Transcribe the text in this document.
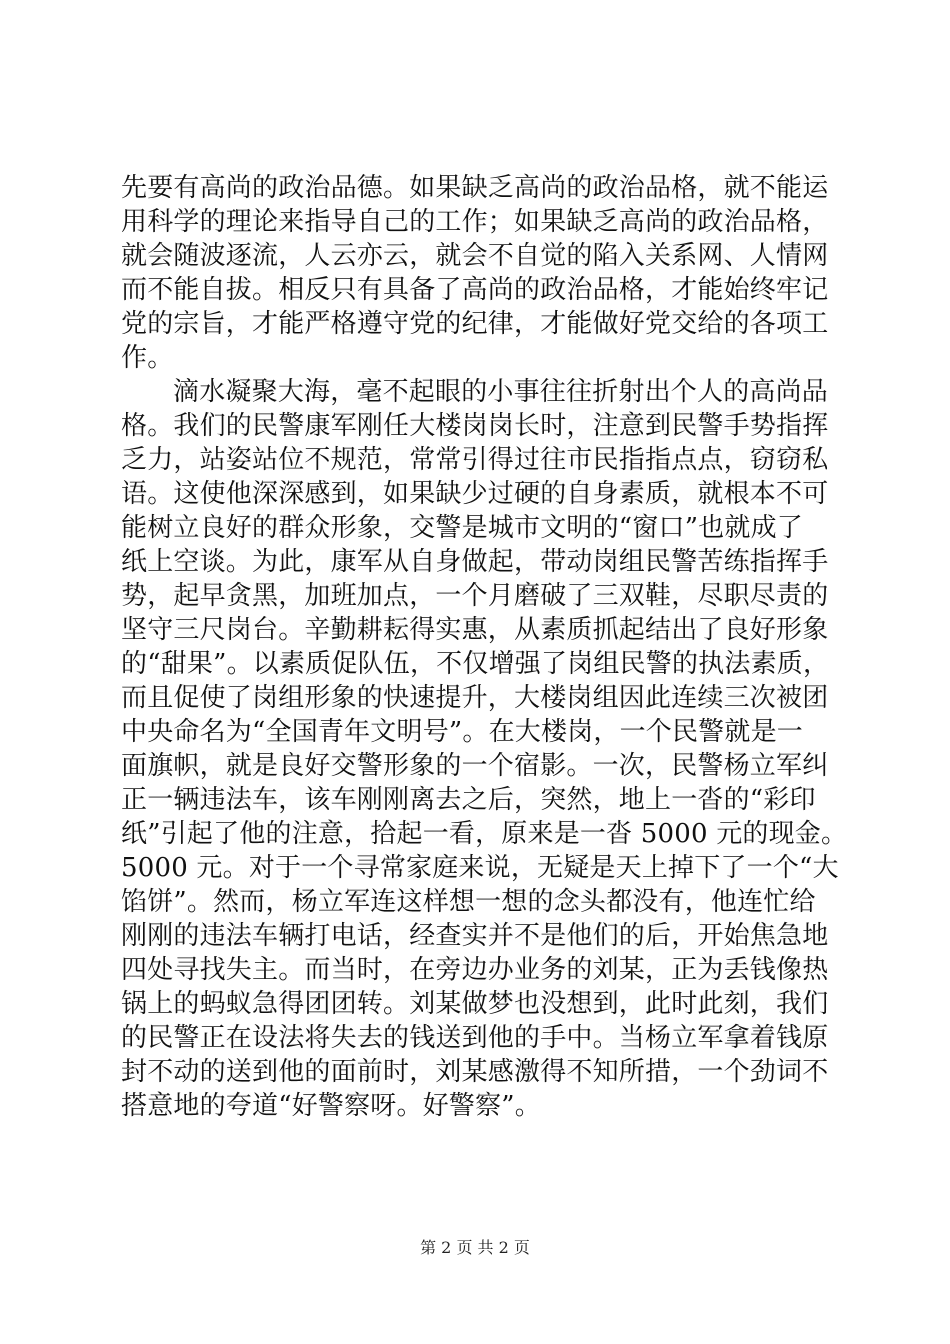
先要有高尚的政治品德。如果缺乏高尚的政治品格，就不能运
用科学的理论来指导自己的工作；如果缺乏高尚的政治品格，
就会随波逐流，人云亦云，就会不自觉的陷入关系网、人情网
而不能自拔。相反只有具备了高尚的政治品格，才能始终牢记
党的宗旨，才能严格遵守党的纪律，才能做好党交给的各项工
作。
滴水凝聚大海，毫不起眼的小事往往折射出个人的高尚品
格。我们的民警康军刚任大楼岗岗长时，注意到民警手势指挥
乏力，站姿站位不规范，常常引得过往市民指指点点，窃窃私
语。这使他深深感到，如果缺少过硬的自身素质，就根本不可
能树立良好的群众形象，交警是城市文明的“窗口”也就成了
纸上空谈。为此，康军从自身做起，带动岗组民警苦练指挥手
势，起早贪黑，加班加点，一个月磨破了三双鞋，尽职尽责的
坚守三尺岗台。辛勤耕耘得实惠，从素质抓起结出了良好形象
的“甜果”。以素质促队伍，不仅增强了岗组民警的执法素质，
而且促使了岗组形象的快速提升，大楼岗组因此连续三次被团
中央命名为“全国青年文明号”。在大楼岗，一个民警就是一
面旗帜，就是良好交警形象的一个宿影。一次，民警杨立军纠
正一辆违法车，该车刚刚离去之后，突然，地上一沓的“彩印
纸”引起了他的注意，拾起一看，原来是一沓 5000 元的现金。
5000 元。对于一个寻常家庭来说，无疑是天上掉下了一个“大
馅饼”。然而，杨立军连这样想一想的念头都没有，他连忙给
刚刚的违法车辆打电话，经查实并不是他们的后，开始焦急地
四处寻找失主。而当时，在旁边办业务的刘某，正为丢钱像热
锅上的蚂蚁急得团团转。刘某做梦也没想到，此时此刻，我们
的民警正在设法将失去的钱送到他的手中。当杨立军拿着钱原
封不动的送到他的面前时，刘某感激得不知所措，一个劲词不
搭意地的夸道“好警察呀。好警察”。
第 2 页 共 2 页
